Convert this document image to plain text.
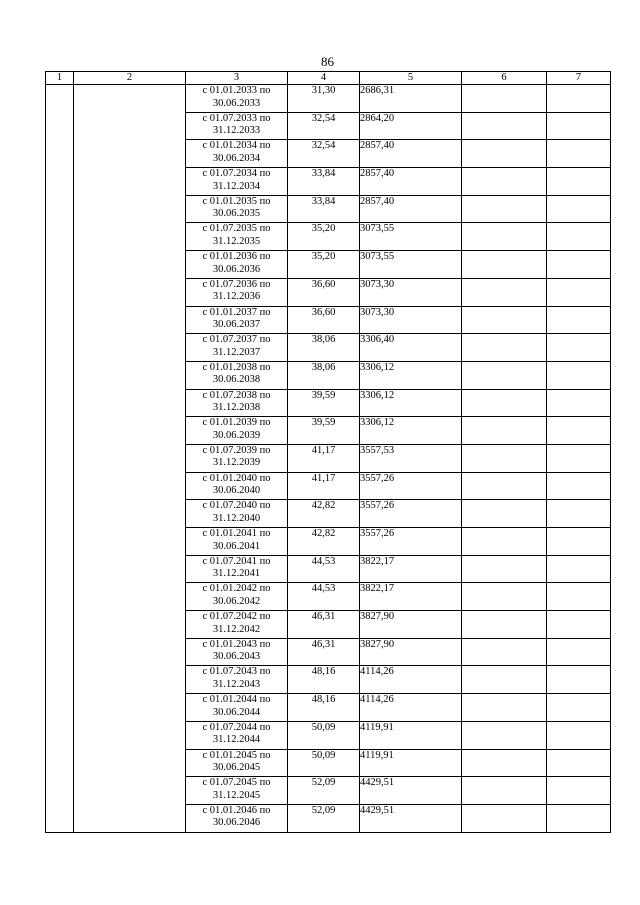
86
1	2	3	4	5	6	7
		с 01.01.2033 по 30.06.2033	31,30	2686,31		
		с 01.07.2033 по 31.12.2033	32,54	2864,20		
		с 01.01.2034 по 30.06.2034	32,54	2857,40		
		с 01.07.2034 по 31.12.2034	33,84	2857,40		
		с 01.01.2035 по 30.06.2035	33,84	2857,40		
		с 01.07.2035 по 31.12.2035	35,20	3073,55		
		с 01.01.2036 по 30.06.2036	35,20	3073,55		
		с 01.07.2036 по 31.12.2036	36,60	3073,30		
		с 01.01.2037 по 30.06.2037	36,60	3073,30		
		с 01.07.2037 по 31.12.2037	38,06	3306,40		
		с 01.01.2038 по 30.06.2038	38,06	3306,12		
		с 01.07.2038 по 31.12.2038	39,59	3306,12		
		с 01.01.2039 по 30.06.2039	39,59	3306,12		
		с 01.07.2039 по 31.12.2039	41,17	3557,53		
		с 01.01.2040 по 30.06.2040	41,17	3557,26		
		с 01.07.2040 по 31.12.2040	42,82	3557,26		
		с 01.01.2041 по 30.06.2041	42,82	3557,26		
		с 01.07.2041 по 31.12.2041	44,53	3822,17		
		с 01.01.2042 по 30.06.2042	44,53	3822,17		
		с 01.07.2042 по 31.12.2042	46,31	3827,90		
		с 01.01.2043 по 30.06.2043	46,31	3827,90		
		с 01.07.2043 по 31.12.2043	48,16	4114,26		
		с 01.01.2044 по 30.06.2044	48,16	4114,26		
		с 01.07.2044 по 31.12.2044	50,09	4119,91		
		с 01.01.2045 по 30.06.2045	50,09	4119,91		
		с 01.07.2045 по 31.12.2045	52,09	4429,51		
		с 01.01.2046 по 30.06.2046	52,09	4429,51		
